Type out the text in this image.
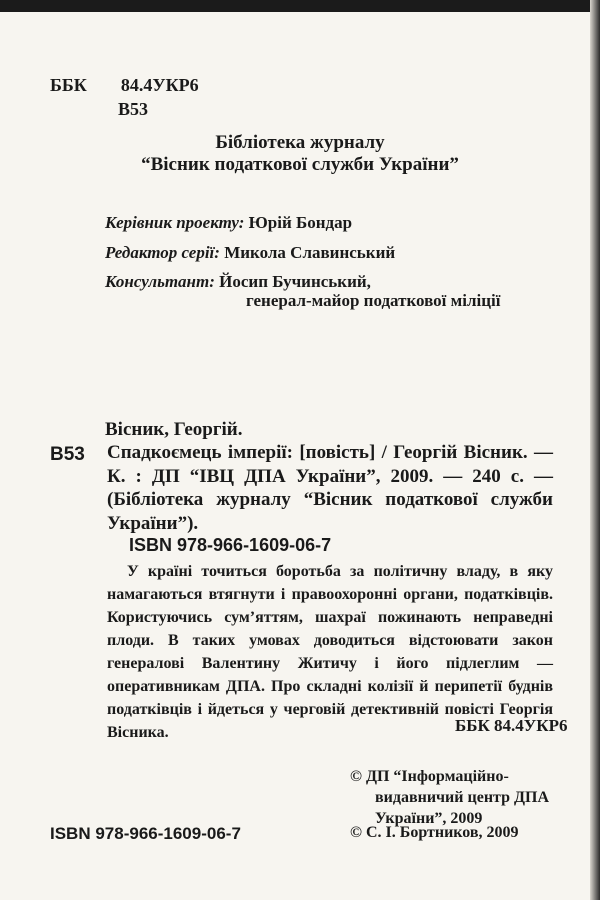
ББК 84.4УКР6
В53
Бібліотека журналу
“Вісник податкової служби України”
Керівник проекту: Юрій Бондар
Редактор серії: Микола Славинський
Консультант: Йосип Бучинський,
генерал-майор податкової міліції
Вісник, Георгій.
В53 Спадкоємець імперії: [повість] / Георгій Вісник. — К. : ДП “ІВЦ ДПА України”, 2009. — 240 с. — (Бібліотека журналу “Вісник податкової служби України”).
ISBN 978-966-1609-06-7
У країні точиться боротьба за політичну владу, в яку намагаються втягнути і правоохоронні органи, податківців. Користуючись сум’яттям, шахраї пожинають неправедні плоди. В таких умовах доводиться відстоювати закон генералові Валентину Житичу і його підлеглим — оперативникам ДПА. Про складні колізії й перипетії буднів податківців і йдеться у черговій детективній повісті Георгія Вісника.	ББК 84.4УКР6
© ДП “Інформаційно-
видавничий центр ДПА
України”, 2009
ISBN 978-966-1609-06-7	© С. І. Бортников, 2009
